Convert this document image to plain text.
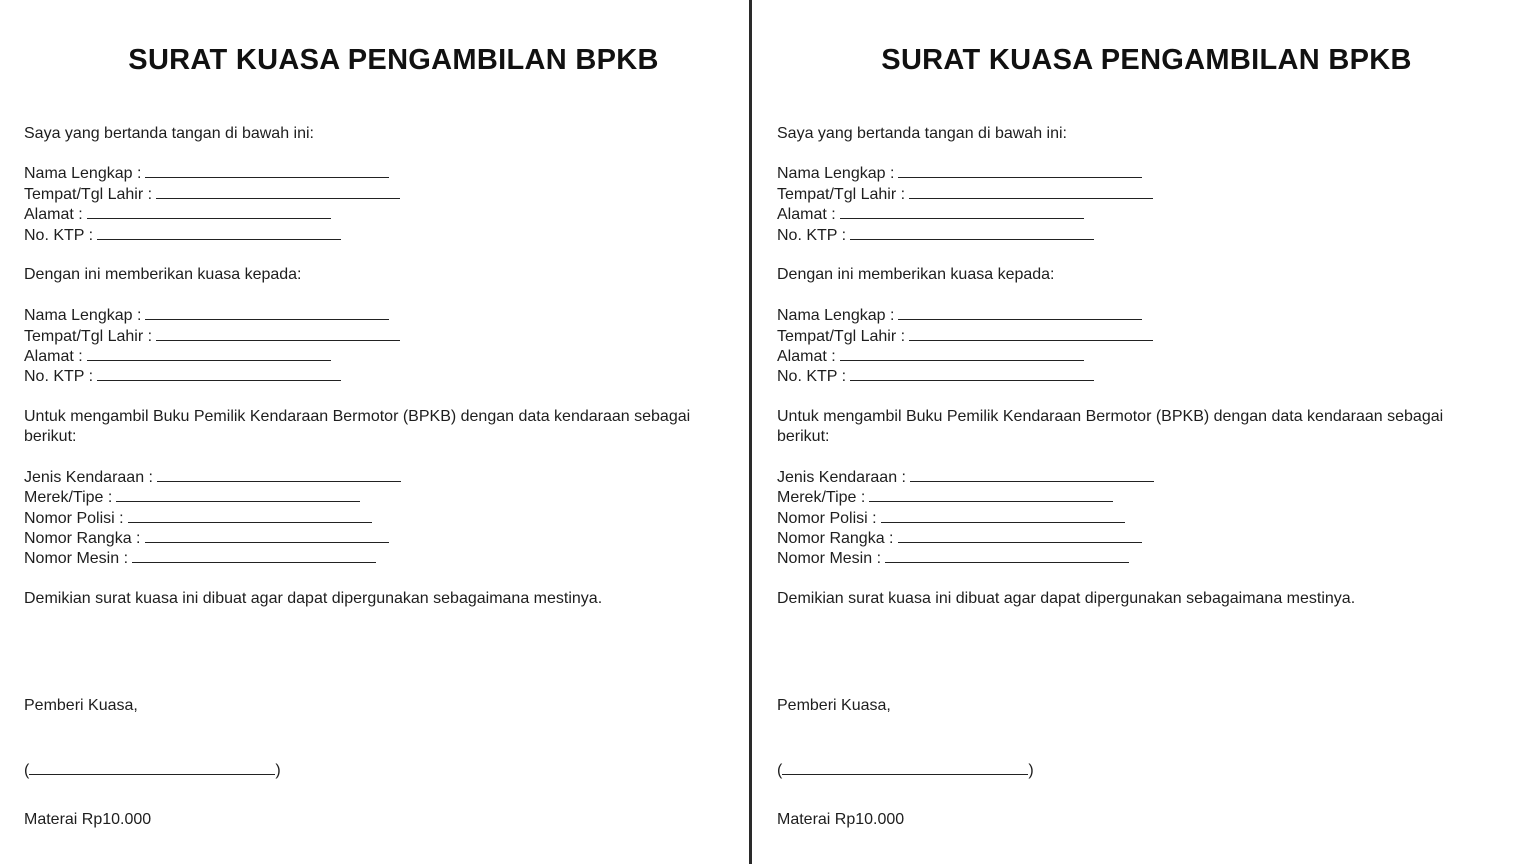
SURAT KUASA PENGAMBILAN BPKB
Saya yang bertanda tangan di bawah ini:
Nama Lengkap :
Tempat/Tgl Lahir :
Alamat :
No. KTP :
Dengan ini memberikan kuasa kepada:
Nama Lengkap :
Tempat/Tgl Lahir :
Alamat :
No. KTP :
Untuk mengambil Buku Pemilik Kendaraan Bermotor (BPKB) dengan data kendaraan sebagai berikut:
Jenis Kendaraan :
Merek/Tipe :
Nomor Polisi :
Nomor Rangka :
Nomor Mesin :
Demikian surat kuasa ini dibuat agar dapat dipergunakan sebagaimana mestinya.
Pemberi Kuasa,
(	)
Materai Rp10.000
SURAT KUASA PENGAMBILAN BPKB
Saya yang bertanda tangan di bawah ini:
Nama Lengkap :
Tempat/Tgl Lahir :
Alamat :
No. KTP :
Dengan ini memberikan kuasa kepada:
Nama Lengkap :
Tempat/Tgl Lahir :
Alamat :
No. KTP :
Untuk mengambil Buku Pemilik Kendaraan Bermotor (BPKB) dengan data kendaraan sebagai berikut:
Jenis Kendaraan :
Merek/Tipe :
Nomor Polisi :
Nomor Rangka :
Nomor Mesin :
Demikian surat kuasa ini dibuat agar dapat dipergunakan sebagaimana mestinya.
Pemberi Kuasa,
(	)
Materai Rp10.000
